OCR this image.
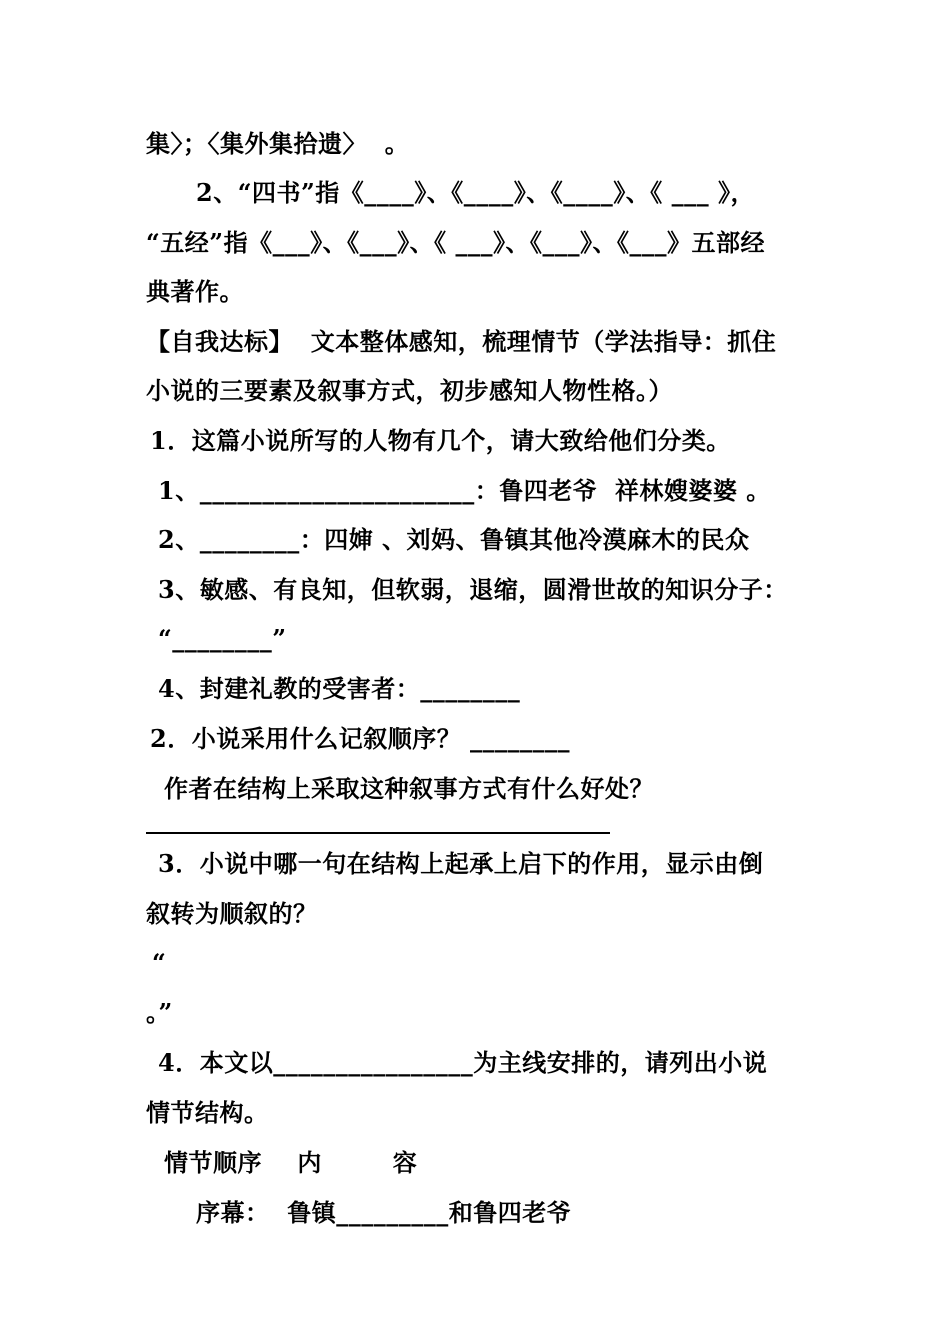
集〉；〈集外集拾遗〉  。
2、“四书”指《____》、《____》、《____》、《 ___ 》，
“五经”指《___》、《___》、《 ___》、《___》、《___》五部经
典著作。
【自我达标】  文本整体感知，梳理情节（学法指导：抓住
小说的三要素及叙事方式，初步感知人物性格。）
1．这篇小说所写的人物有几个，请大致给他们分类。
1、______________________：鲁四老爷  祥林嫂婆婆 。
2、________：四婶 、刘妈、鲁镇其他冷漠麻木的民众
3、敏感、有良知，但软弱，退缩，圆滑世故的知识分子：
“________”
4、封建礼教的受害者：________
2．小说采用什么记叙顺序？ ________
作者在结构上采取这种叙事方式有什么好处？
3．小说中哪一句在结构上起承上启下的作用，显示由倒
叙转为顺叙的？
“
。”
4．本文以________________为主线安排的，请列出小说
情节结构。
情节顺序    内        容
序幕：  鲁镇_________和鲁四老爷
